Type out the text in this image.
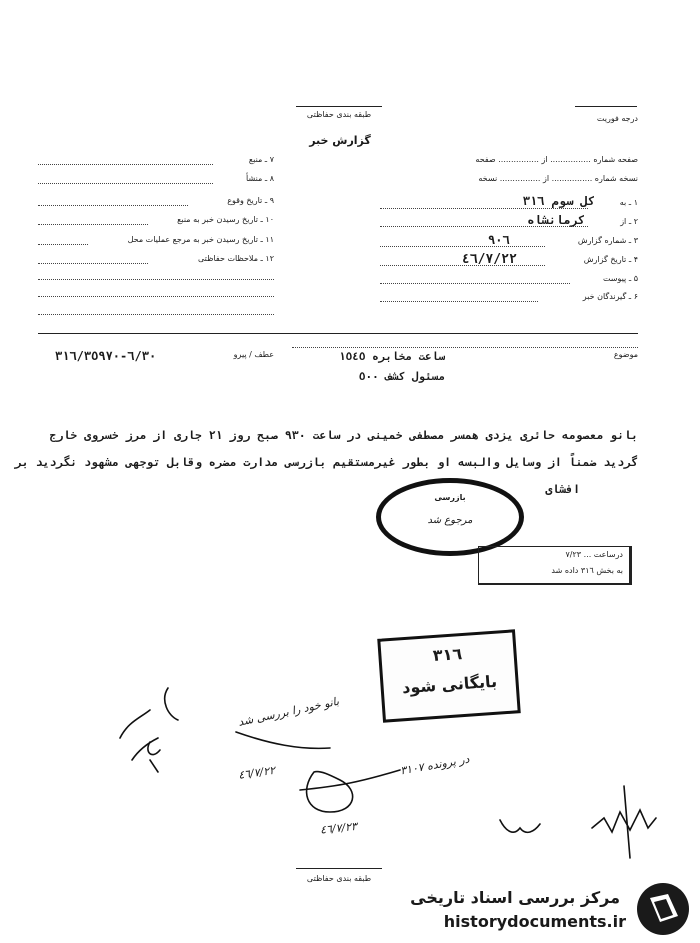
طبقه بندی حفاظتی	درجه فوریت
گزارش خبر
صفحه شماره ................ از ................ صفحه
نسخه شماره ................ از ................ نسخه
۱ ـ به
کل سوم ٣١٦
۲ ـ از
کرمانشاه
۳ ـ شماره گزارش
٩٠٦
۴ ـ تاریخ گزارش
٤٦/٧/٢٢
۵ ـ پیوست
۶ ـ گیرندگان خبر
۷ ـ منبع
۸ ـ منشأ
۹ ـ تاریخ وقوع
۱۰ ـ تاریخ رسیدن خبر به منبع
۱۱ ـ تاریخ رسیدن خبر به مرجع عملیات محل
۱۲ ـ ملاحظات حفاظتی
موضوع
ساعت مخابره ١٥٤٥
مسئول کشف ٥٠٠
عطف / پیرو
٦/٣٠-٣١٦/٣٥٩٧٠
بانو معصومه حائری یزدی همسر مصطفی خمینی در ساعت ٩٣٠ صبح روز ٢١ جاری از مرز خسروی خارج
گردید ضمناً از وسایل والبسه او بطور غیرمستقیم بازرسی مدارت مضره وقابل توجهی مشهود نگردید بر
افشای
بازرسی
مرجوع شد
درساعت ... ٧/٢٣
به بخش ٣١٦ داده شد
٣١٦
بایگانی شود
بانو خود را بررسی شد
٤٦/٧/٢٢	در پرونده ۳۱۰۷
٤٦/٧/٢٣
طبقه بندی حفاظتی
مرکز بررسی اسناد تاریخی
historydocuments.ir
